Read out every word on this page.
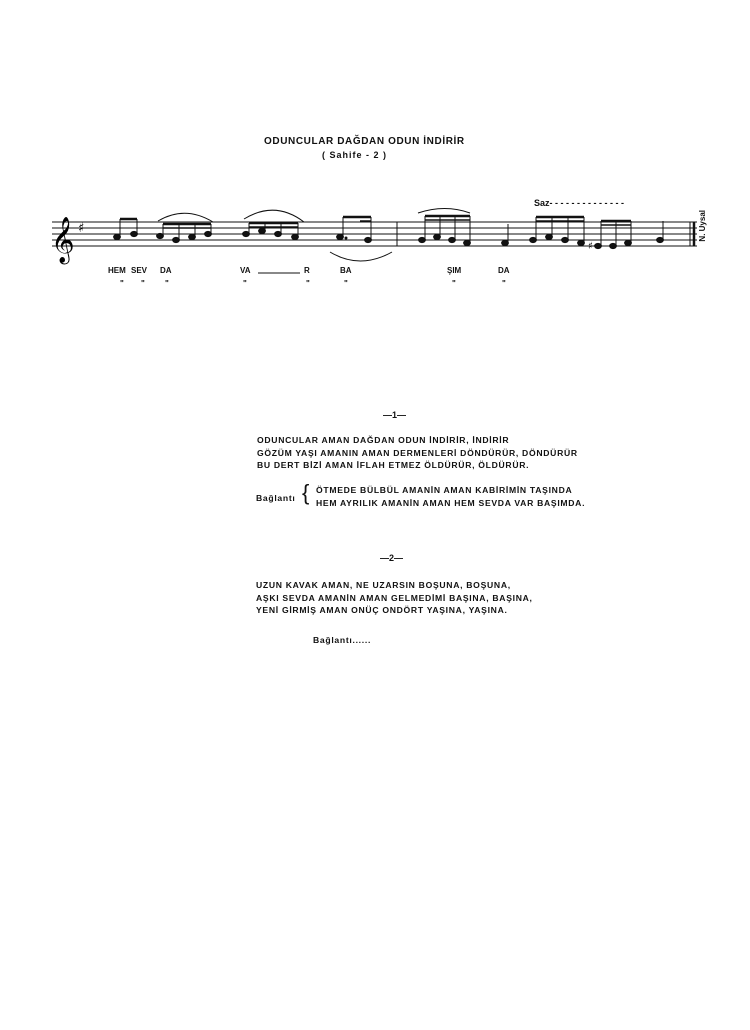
ODUNCULAR DAĞDAN ODUN İNDİRİR
( Sahife - 2 )
Saz- - - - - - - - - - - - - -
N. Uysal
𝄞 ♯
♯
HEM SEV DA	VA	R	BA	ŞIM	DA
" "	"	"	"	"	"	"
—1—
ODUNCULAR AMAN DAĞDAN ODUN İNDİRİR, İNDİRİR
GÖZÜM YAŞI AMANIN AMAN DERMENLERİ DÖNDÜRÜR, DÖNDÜRÜR
BU DERT BİZİ AMAN İFLAH ETMEZ ÖLDÜRÜR, ÖLDÜRÜR.
Bağlantı { ÖTMEDE BÜLBÜL AMANİN AMAN KABİRİMİN TAŞINDA
HEM AYRILIK AMANİN AMAN HEM SEVDA VAR BAŞIMDA.
—2—
UZUN KAVAK AMAN, NE UZARSIN BOŞUNA, BOŞUNA,
AŞKI SEVDA AMANİN AMAN GELMEDİMİ BAŞINA, BAŞINA,
YENİ GİRMİŞ AMAN ONÜÇ ONDÖRT YAŞINA, YAŞINA.
Bağlantı......
